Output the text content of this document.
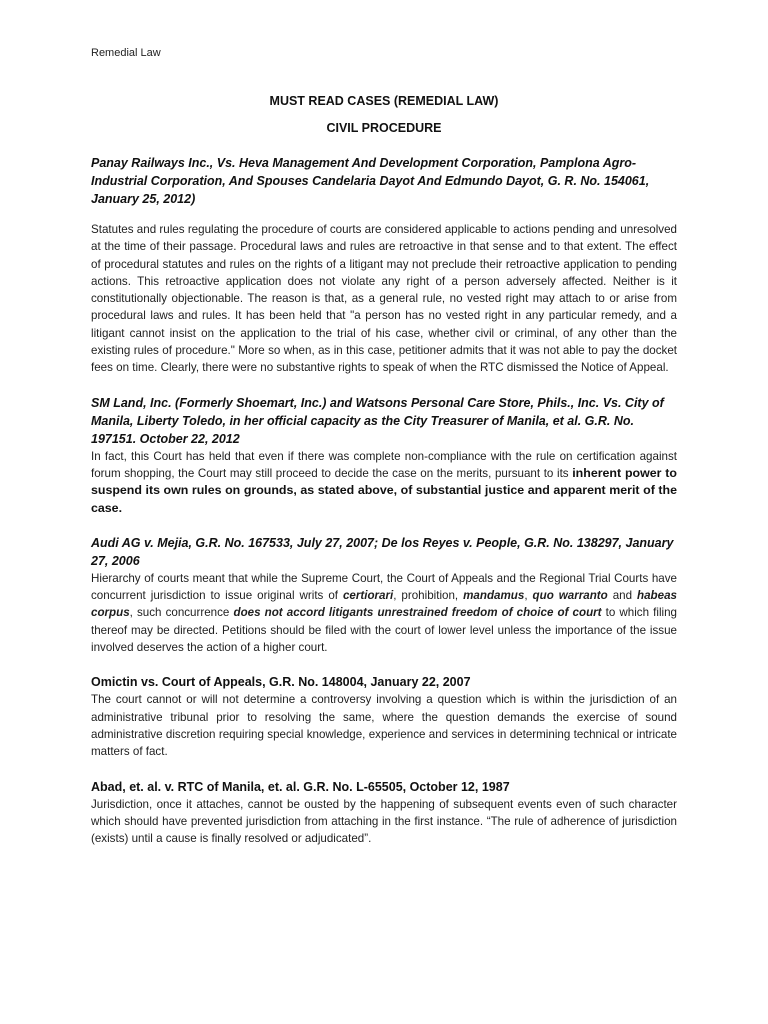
Remedial Law
MUST READ CASES (REMEDIAL LAW)
CIVIL PROCEDURE
Panay Railways Inc., Vs. Heva Management And Development Corporation, Pamplona Agro-Industrial Corporation, And Spouses Candelaria Dayot And Edmundo Dayot, G. R. No. 154061, January 25, 2012)
Statutes and rules regulating the procedure of courts are considered applicable to actions pending and unresolved at the time of their passage. Procedural laws and rules are retroactive in that sense and to that extent. The effect of procedural statutes and rules on the rights of a litigant may not preclude their retroactive application to pending actions. This retroactive application does not violate any right of a person adversely affected. Neither is it constitutionally objectionable. The reason is that, as a general rule, no vested right may attach to or arise from procedural laws and rules. It has been held that "a person has no vested right in any particular remedy, and a litigant cannot insist on the application to the trial of his case, whether civil or criminal, of any other than the existing rules of procedure." More so when, as in this case, petitioner admits that it was not able to pay the docket fees on time. Clearly, there were no substantive rights to speak of when the RTC dismissed the Notice of Appeal.
SM Land, Inc. (Formerly Shoemart, Inc.) and Watsons Personal Care Store, Phils., Inc. Vs. City of Manila, Liberty Toledo, in her official capacity as the City Treasurer of Manila, et al. G.R. No. 197151. October 22, 2012
In fact, this Court has held that even if there was complete non-compliance with the rule on certification against forum shopping, the Court may still proceed to decide the case on the merits, pursuant to its inherent power to suspend its own rules on grounds, as stated above, of substantial justice and apparent merit of the case.
Audi AG v. Mejia, G.R. No. 167533, July 27, 2007; De los Reyes v. People, G.R. No. 138297, January 27, 2006
Hierarchy of courts meant that while the Supreme Court, the Court of Appeals and the Regional Trial Courts have concurrent jurisdiction to issue original writs of certiorari, prohibition, mandamus, quo warranto and habeas corpus, such concurrence does not accord litigants unrestrained freedom of choice of court to which filing thereof may be directed. Petitions should be filed with the court of lower level unless the importance of the issue involved deserves the action of a higher court.
Omictin vs. Court of Appeals, G.R. No. 148004, January 22, 2007
The court cannot or will not determine a controversy involving a question which is within the jurisdiction of an administrative tribunal prior to resolving the same, where the question demands the exercise of sound administrative discretion requiring special knowledge, experience and services in determining technical or intricate matters of fact.
Abad, et. al. v. RTC of Manila, et. al. G.R. No. L-65505, October 12, 1987
Jurisdiction, once it attaches, cannot be ousted by the happening of subsequent events even of such character which should have prevented jurisdiction from attaching in the first instance. “The rule of adherence of jurisdiction (exists) until a cause is finally resolved or adjudicated”.
